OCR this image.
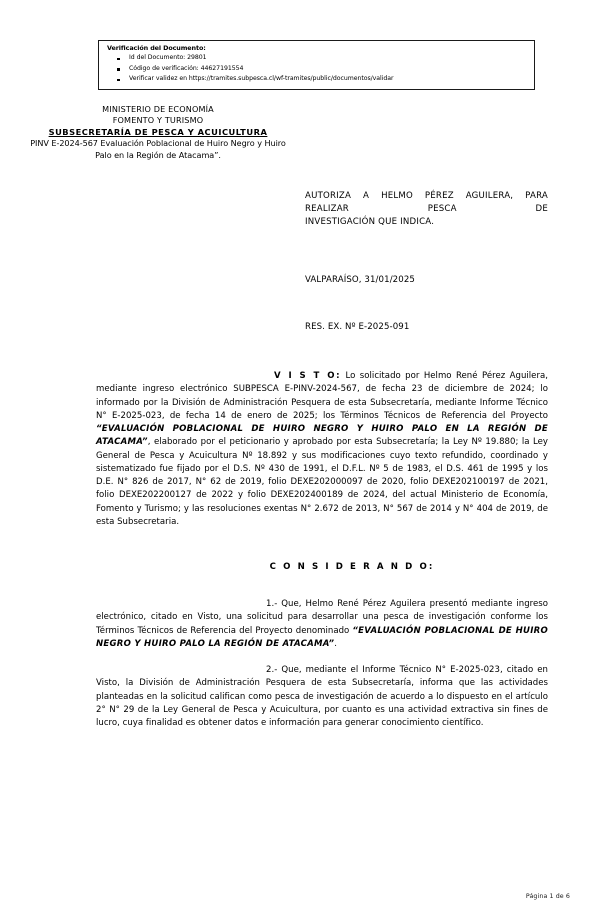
Verificación del Documento:
Id del Documento: 29801
Código de verificación: 44627191554
Verificar validez en https://tramites.subpesca.cl/wf-tramites/public/documentos/validar
MINISTERIO DE ECONOMÍA
FOMENTO Y TURISMO
SUBSECRETARÍA DE PESCA Y ACUICULTURA
PINV E-2024-567 Evaluación Poblacional de Huiro Negro y Huiro Palo en la Región de Atacama”.
AUTORIZA A HELMO PÉREZ AGUILERA, PARA REALIZAR PESCA DE
INVESTIGACIÓN QUE INDICA.
VALPARAÍSO, 31/01/2025
RES. EX. Nº E-2025-091

V I S T O: Lo solicitado por Helmo René Pérez Aguilera, mediante ingreso electrónico SUBPESCA E-PINV-2024-567, de fecha 23 de diciembre de 2024; lo informado por la División de Administración Pesquera de esta Subsecretaría, mediante Informe Técnico N° E-2025-023, de fecha 14 de enero de 2025; los Términos Técnicos de Referencia del Proyecto “EVALUACIÓN POBLACIONAL DE HUIRO NEGRO Y HUIRO PALO EN LA REGIÓN DE ATACAMA”, elaborado por el peticionario y aprobado por esta Subsecretaría; la Ley Nº 19.880; la Ley General de Pesca y Acuicultura Nº 18.892 y sus modificaciones cuyo texto refundido, coordinado y sistematizado fue fijado por el D.S. Nº 430 de 1991, el D.F.L. Nº 5 de 1983, el D.S. 461 de 1995 y los D.E. N° 826 de 2017, N° 62 de 2019, folio DEXE202000097 de 2020, folio DEXE202100197 de 2021, folio DEXE202200127 de 2022 y folio DEXE202400189 de 2024, del actual Ministerio de Economía, Fomento y Turismo; y las resoluciones exentas N° 2.672 de 2013, N° 567 de 2014 y N° 404 de 2019, de esta Subsecretaria.

C O N S I D E R A N D O:

1.- Que, Helmo René Pérez Aguilera presentó mediante ingreso electrónico, citado en Visto, una solicitud para desarrollar una pesca de investigación conforme los Términos Técnicos de Referencia del Proyecto denominado “EVALUACIÓN POBLACIONAL DE HUIRO NEGRO Y HUIRO PALO LA REGIÓN DE ATACAMA”.

2.- Que, mediante el Informe Técnico N° E-2025-023, citado en Visto, la División de Administración Pesquera de esta Subsecretaría, informa que las actividades planteadas en la solicitud califican como pesca de investigación de acuerdo a lo dispuesto en el artículo 2° N° 29 de la Ley General de Pesca y Acuicultura, por cuanto es una actividad extractiva sin fines de lucro, cuya finalidad es obtener datos e información para generar conocimiento científico.

Página 1 de 6
